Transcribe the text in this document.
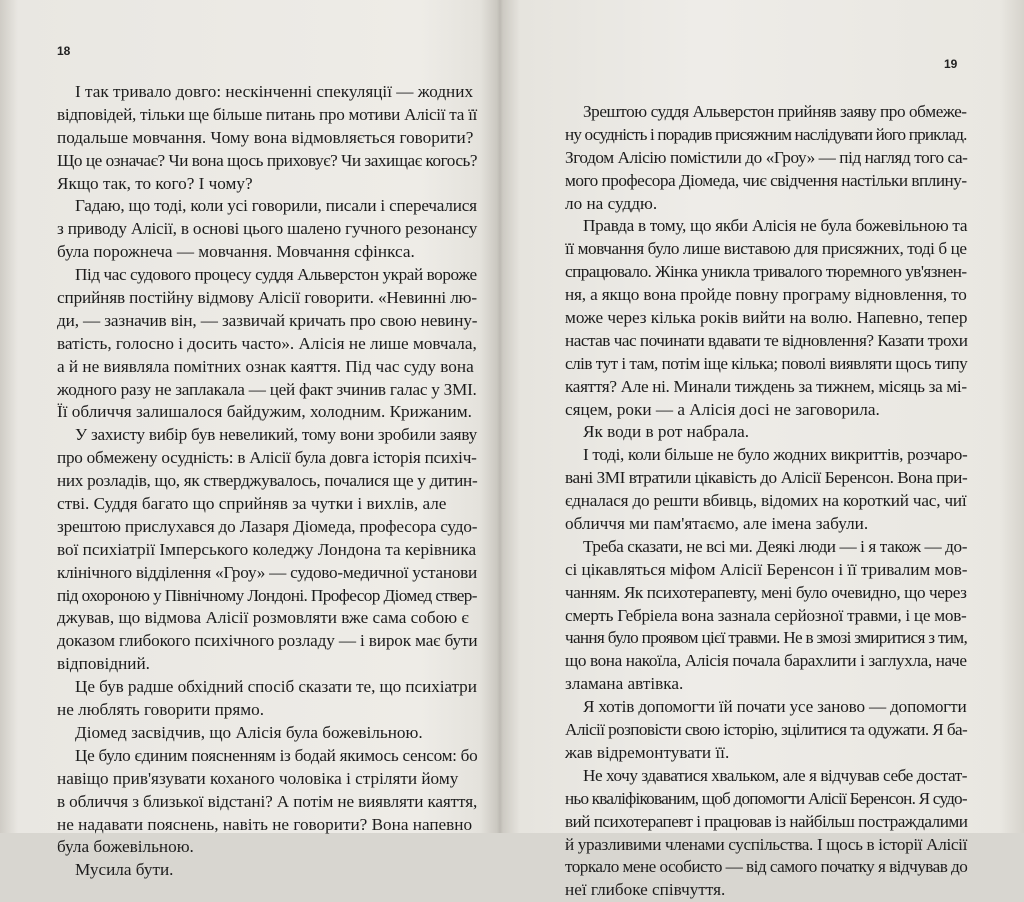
18
І так тривало довго: нескінченні спекуляції — жодних
відповідей, тільки ще більше питань про мотиви Алісії та її
подальше мовчання. Чому вона відмовляється говорити?
Що це означає? Чи вона щось приховує? Чи захищає когось?
Якщо так, то кого? І чому?
Гадаю, що тоді, коли усі говорили, писали і сперечалися
з приводу Алісії, в основі цього шалено гучного резонансу
була порожнеча — мовчання. Мовчання сфінкса.
Під час судового процесу суддя Альверстон украй вороже
сприйняв постійну відмову Алісії говорити. «Невинні лю-
ди, — зазначив він, — зазвичай кричать про свою невину-
ватість, голосно і досить часто». Алісія не лише мовчала,
а й не виявляла помітних ознак каяття. Під час суду вона
жодного разу не заплакала — цей факт зчинив галас у ЗМІ.
Її обличчя залишалося байдужим, холодним. Крижаним.
У захисту вибір був невеликий, тому вони зробили заяву
про обмежену осудність: в Алісії була довга історія психіч-
них розладів, що, як стверджувалось, почалися ще у дитин-
стві. Суддя багато що сприйняв за чутки і вихлів, але
зрештою прислухався до Лазаря Діомеда, професора судо-
вої психіатрії Імперського коледжу Лондона та керівника
клінічного відділення «Гроу» — судово-медичної установи
під охороною у Північному Лондоні. Професор Діомед ствер-
джував, що відмова Алісії розмовляти вже сама собою є
доказом глибокого психічного розладу — і вирок має бути
відповідний.
Це був радше обхідний спосіб сказати те, що психіатри
не люблять говорити прямо.
Діомед засвідчив, що Алісія була божевільною.
Це було єдиним поясненням із бодай якимось сенсом: бо
навіщо прив'язувати коханого чоловіка і стріляти йому
в обличчя з близької відстані? А потім не виявляти каяття,
не надавати пояснень, навіть не говорити? Вона напевно
була божевільною.
Мусила бути.
19
Зрештою суддя Альверстон прийняв заяву про обмеже-
ну осудність і порадив присяжним наслідувати його приклад.
Згодом Алісію помістили до «Гроу» — під нагляд того са-
мого професора Діомеда, чиє свідчення настільки вплину-
ло на суддю.
Правда в тому, що якби Алісія не була божевільною та
її мовчання було лише виставою для присяжних, тоді б це
спрацювало. Жінка уникла тривалого тюремного ув'язнен-
ня, а якщо вона пройде повну програму відновлення, то
може через кілька років вийти на волю. Напевно, тепер
настав час починати вдавати те відновлення? Казати трохи
слів тут і там, потім іще кілька; поволі виявляти щось типу
каяття? Але ні. Минали тиждень за тижнем, місяць за мі-
сяцем, роки — а Алісія досі не заговорила.
Як води в рот набрала.
І тоді, коли більше не було жодних викриттів, розчаро-
вані ЗМІ втратили цікавість до Алісії Беренсон. Вона при-
єдналася до решти вбивць, відомих на короткий час, чиї
обличчя ми пам'ятаємо, але імена забули.
Треба сказати, не всі ми. Деякі люди — і я також — до-
сі цікавляться міфом Алісії Беренсон і її тривалим мов-
чанням. Як психотерапевту, мені було очевидно, що через
смерть Гебріела вона зазнала серйозної травми, і це мов-
чання було проявом цієї травми. Не в змозі змиритися з тим,
що вона накоїла, Алісія почала барахлити і заглухла, наче
зламана автівка.
Я хотів допомогти їй почати усе заново — допомогти
Алісії розповісти свою історію, зцілитися та одужати. Я ба-
жав відремонтувати її.
Не хочу здаватися хвальком, але я відчував себе достат-
ньо кваліфікованим, щоб допомогти Алісії Беренсон. Я судо-
вий психотерапевт і працював із найбільш постраждалими
й уразливими членами суспільства. І щось в історії Алісії
торкало мене особисто — від самого початку я відчував до
неї глибоке співчуття.
